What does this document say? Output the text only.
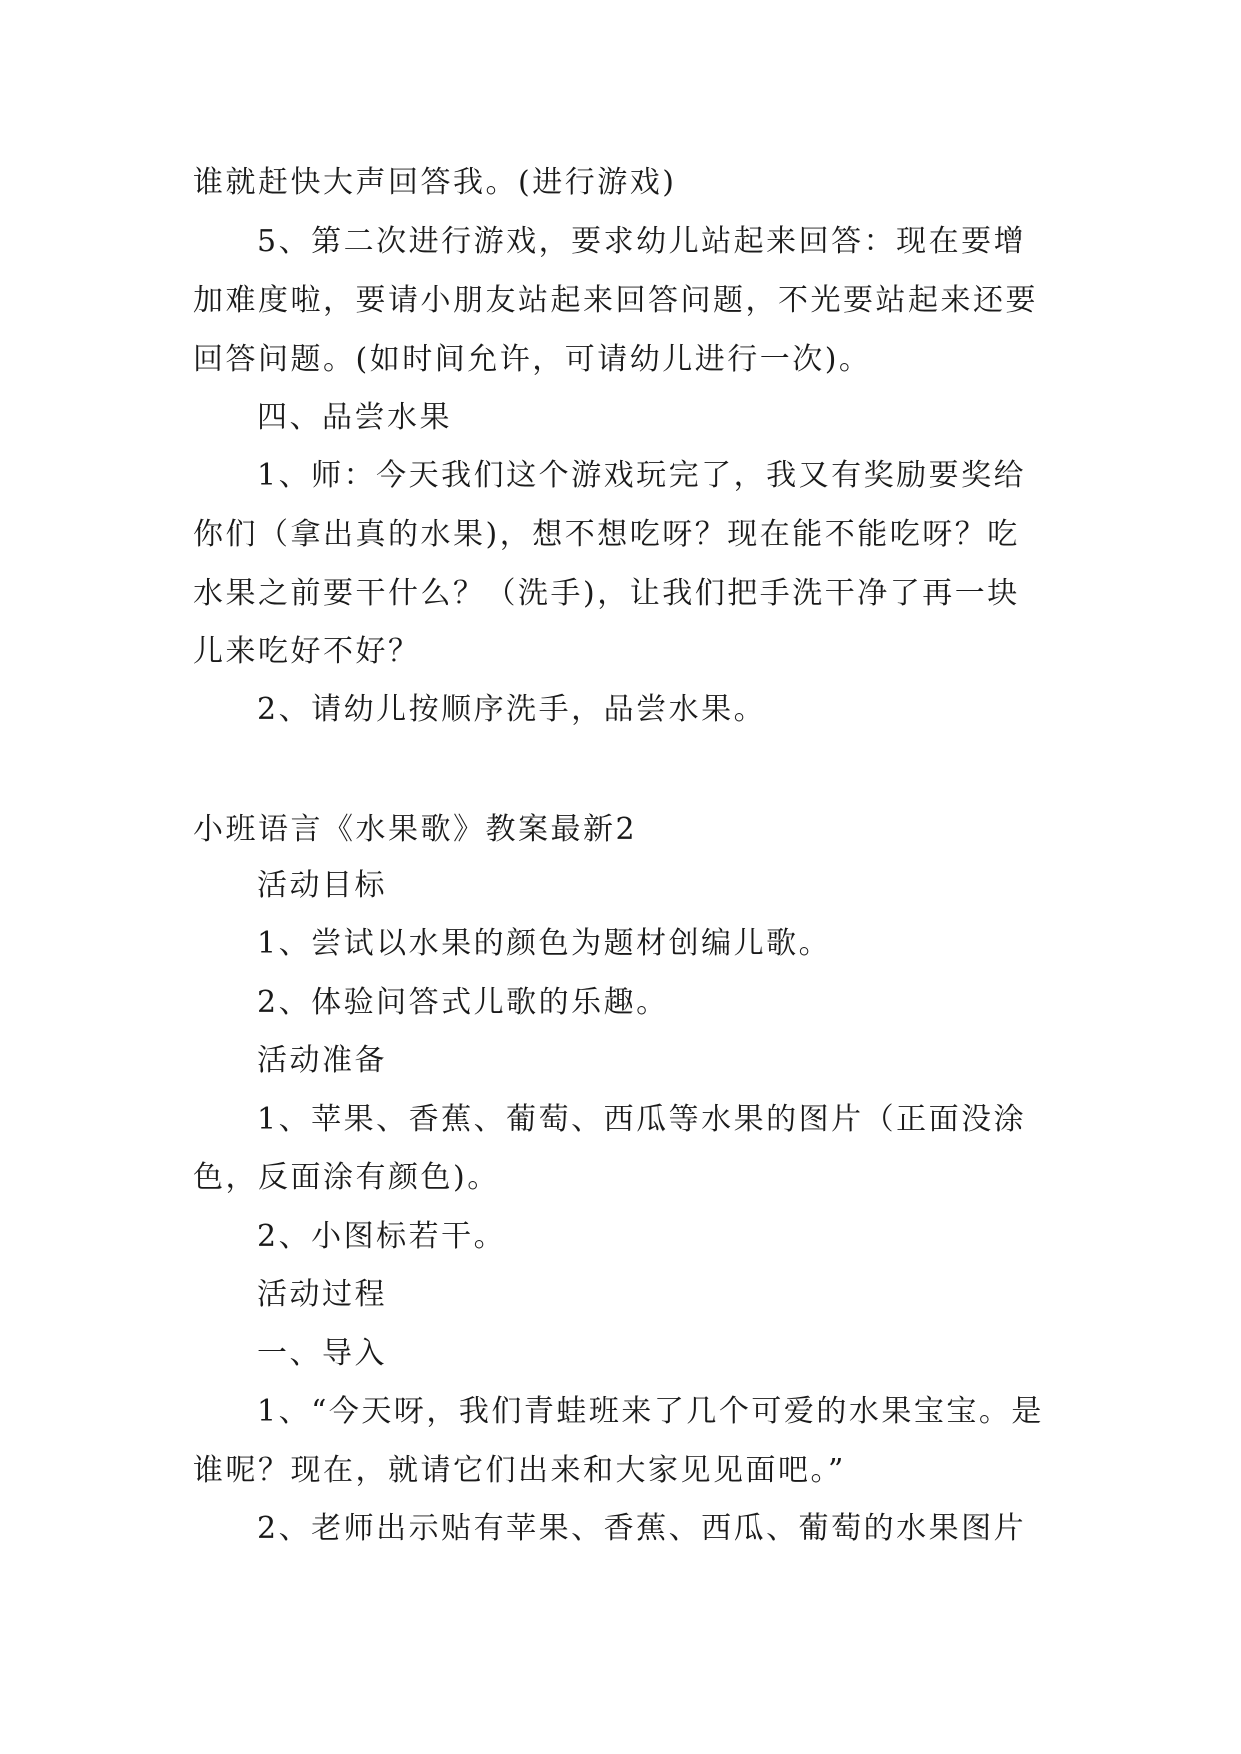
谁就赶快大声回答我。(进行游戏)
5、第二次进行游戏，要求幼儿站起来回答：现在要增
加难度啦，要请小朋友站起来回答问题，不光要站起来还要
回答问题。(如时间允许，可请幼儿进行一次)。
四、品尝水果
1、师：今天我们这个游戏玩完了，我又有奖励要奖给
你们（拿出真的水果)，想不想吃呀？现在能不能吃呀？吃
水果之前要干什么？（洗手)，让我们把手洗干净了再一块
儿来吃好不好？
2、请幼儿按顺序洗手，品尝水果。
小班语言《水果歌》教案最新2
活动目标
1、尝试以水果的颜色为题材创编儿歌。
2、体验问答式儿歌的乐趣。
活动准备
1、苹果、香蕉、葡萄、西瓜等水果的图片（正面没涂
色，反面涂有颜色)。
2、小图标若干。
活动过程
一、导入
1、“今天呀，我们青蛙班来了几个可爱的水果宝宝。是
谁呢？现在，就请它们出来和大家见见面吧。”
2、老师出示贴有苹果、香蕉、西瓜、葡萄的水果图片
